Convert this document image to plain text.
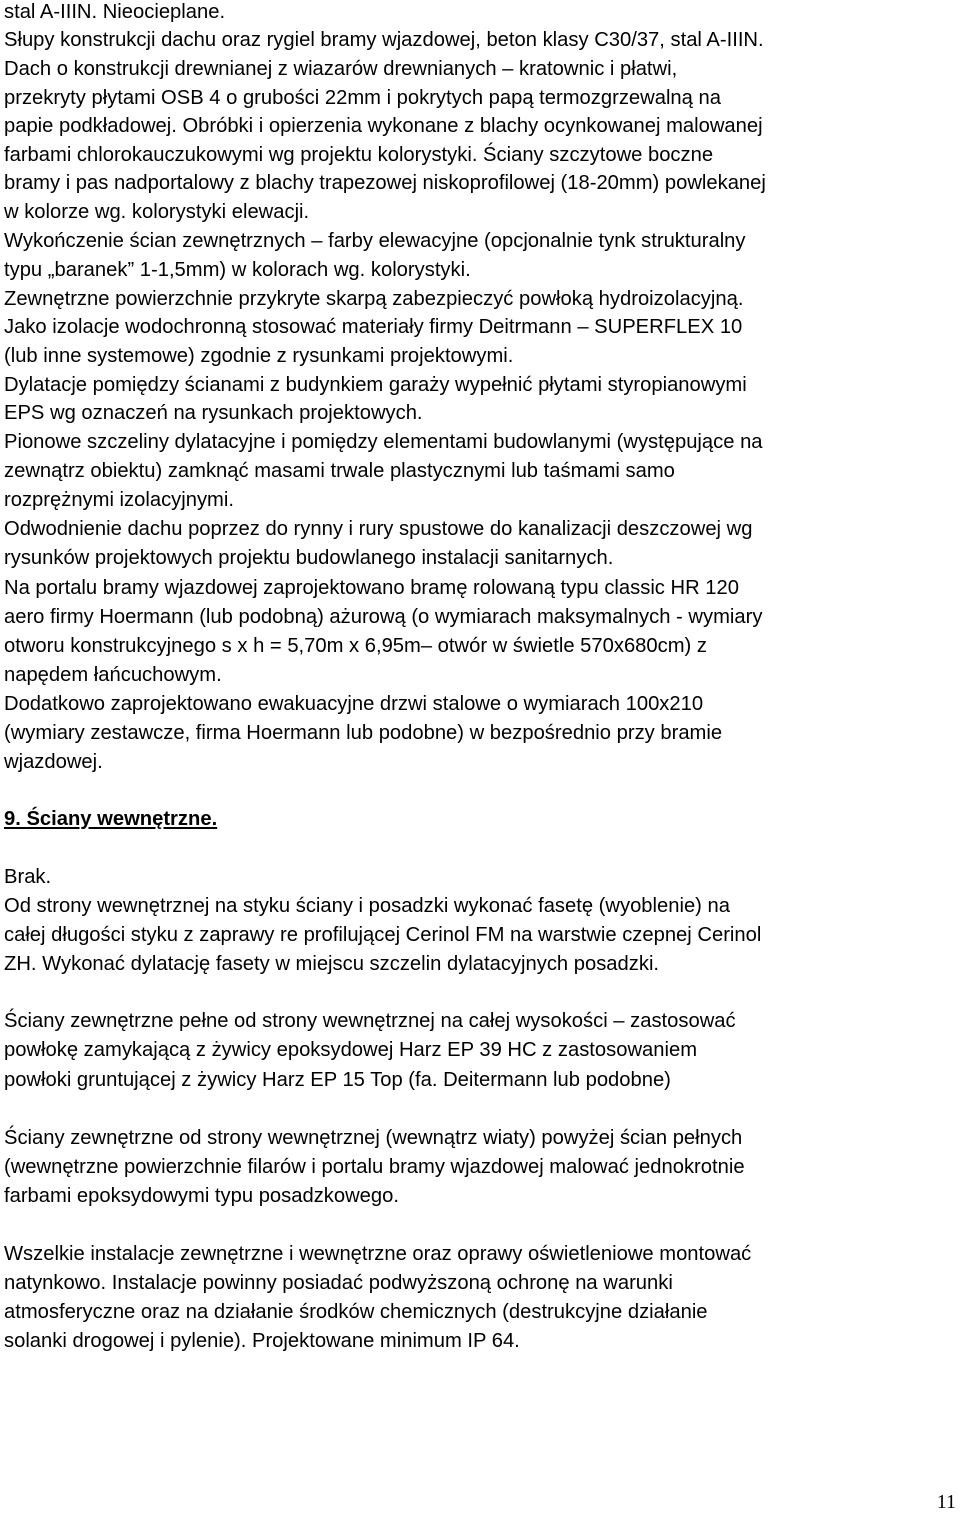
stal A-IIIN. Nieocieplane.
Słupy konstrukcji dachu oraz rygiel bramy wjazdowej, beton klasy C30/37, stal A-IIIN.
Dach o konstrukcji drewnianej z wiazarów drewnianych – kratownic i płatwi,
przekryty płytami OSB 4 o grubości 22mm i pokrytych papą termozgrzewalną na
papie podkładowej. Obróbki i opierzenia wykonane z blachy ocynkowanej malowanej
farbami chlorokauczukowymi wg projektu kolorystyki. Ściany szczytowe boczne
bramy i pas nadportalowy z blachy trapezowej niskoprofilowej (18-20mm) powlekanej
w kolorze wg. kolorystyki elewacji.
Wykończenie ścian zewnętrznych – farby elewacyjne (opcjonalnie tynk strukturalny
typu „baranek” 1-1,5mm) w kolorach wg. kolorystyki.
Zewnętrzne powierzchnie przykryte skarpą zabezpieczyć powłoką hydroizolacyjną.
Jako izolacje wodochronną stosować materiały firmy Deitrmann – SUPERFLEX 10
(lub inne systemowe) zgodnie z rysunkami projektowymi.
Dylatacje pomiędzy ścianami z budynkiem garaży wypełnić płytami styropianowymi
EPS wg oznaczeń na rysunkach projektowych.
Pionowe szczeliny dylatacyjne i pomiędzy elementami budowlanymi (występujące na
zewnątrz obiektu) zamknąć masami trwale plastycznymi lub taśmami samo
rozprężnymi izolacyjnymi.
Odwodnienie dachu poprzez do rynny i rury spustowe do kanalizacji deszczowej wg
rysunków projektowych projektu budowlanego instalacji sanitarnych.
Na portalu bramy wjazdowej zaprojektowano bramę rolowaną typu classic HR 120
aero firmy Hoermann (lub podobną) ażurową (o wymiarach maksymalnych - wymiary
otworu konstrukcyjnego s x h = 5,70m x 6,95m– otwór w świetle 570x680cm) z
napędem łańcuchowym.
Dodatkowo zaprojektowano ewakuacyjne drzwi stalowe o wymiarach 100x210
(wymiary zestawcze, firma Hoermann lub podobne) w bezpośrednio przy bramie
wjazdowej.
9. Ściany wewnętrzne.
Brak.
Od strony wewnętrznej na styku ściany i posadzki wykonać fasetę (wyoblenie) na
całej długości styku z zaprawy re profilującej Cerinol FM na warstwie czepnej Cerinol
ZH. Wykonać dylatację fasety w miejscu szczelin dylatacyjnych posadzki.
Ściany zewnętrzne pełne od strony wewnętrznej na całej wysokości – zastosować
powłokę zamykającą z żywicy epoksydowej Harz EP 39 HC z zastosowaniem
powłoki gruntującej z żywicy Harz EP 15 Top (fa. Deitermann lub podobne)
Ściany zewnętrzne od strony wewnętrznej (wewnątrz wiaty) powyżej ścian pełnych
(wewnętrzne powierzchnie filarów i portalu bramy wjazdowej malować jednokrotnie
farbami epoksydowymi typu posadzkowego.
Wszelkie instalacje zewnętrzne i wewnętrzne oraz oprawy oświetleniowe montować
natynkowo. Instalacje powinny posiadać podwyższoną ochronę na warunki
atmosferyczne oraz na działanie środków chemicznych (destrukcyjne działanie
solanki drogowej i pylenie). Projektowane minimum IP 64.
11
